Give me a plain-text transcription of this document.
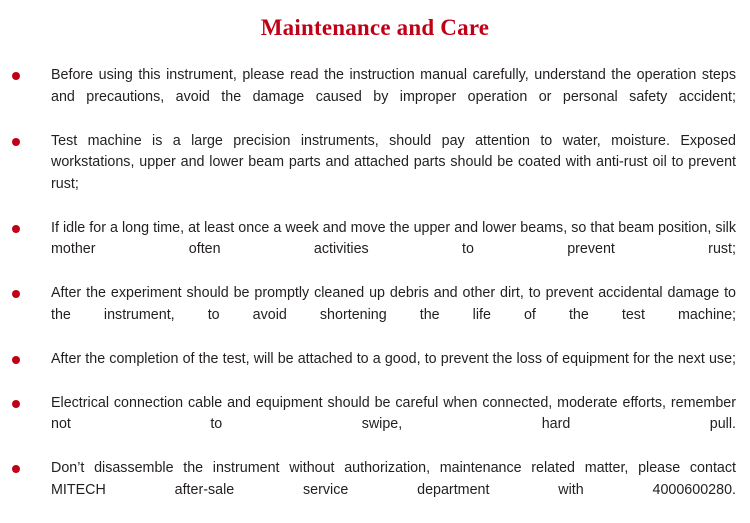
Maintenance and Care
Before using this instrument, please read the instruction manual carefully, understand the operation steps and precautions, avoid the damage caused by improper operation or personal safety accident;
Test machine is a large precision instruments, should pay attention to water, moisture. Exposed workstations, upper and lower beam parts and attached parts should be coated with anti-rust oil to prevent rust;
If idle for a long time, at least once a week and move the upper and lower beams, so that beam position, silk mother often activities to prevent rust;
After the experiment should be promptly cleaned up debris and other dirt, to prevent accidental damage to the instrument, to avoid shortening the life of the test machine;
After the completion of the test, will be attached to a good, to prevent the loss of equipment for the next use;
Electrical connection cable and equipment should be careful when connected, moderate efforts, remember not to swipe, hard pull.
Don’t disassemble the instrument without authorization, maintenance related matter, please contact MITECH after-sale service department with 4000600280.
